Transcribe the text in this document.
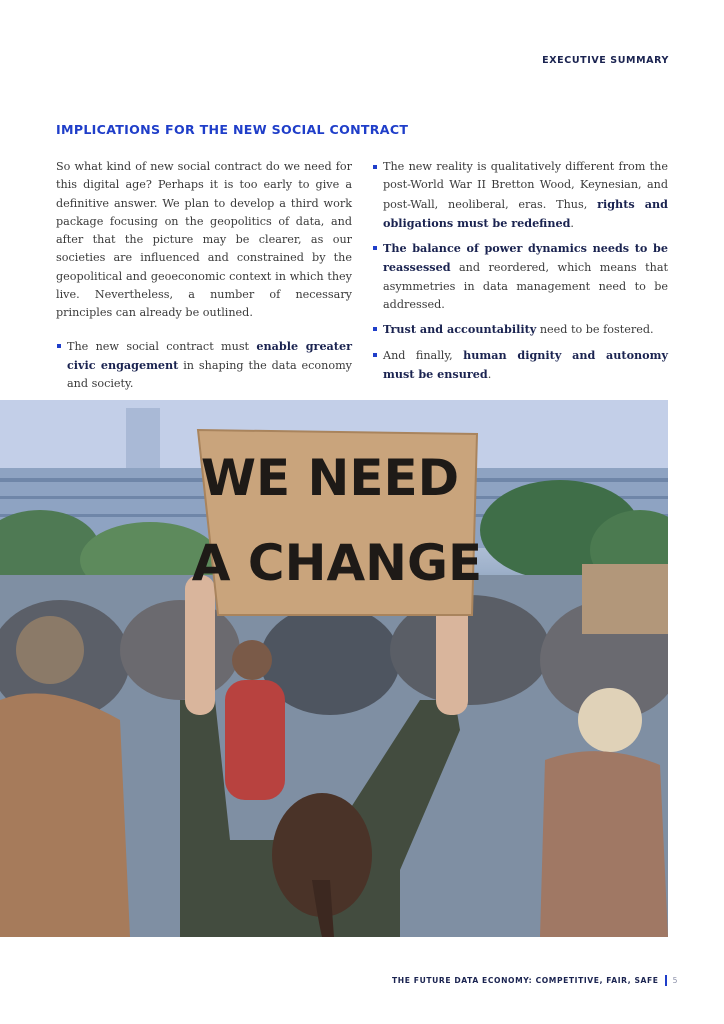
EXECUTIVE SUMMARY
IMPLICATIONS FOR THE NEW SOCIAL CONTRACT

So what kind of new social contract do we need for this digital age? Perhaps it is too early to give a definitive answer. We plan to develop a third work package focusing on the geopolitics of data, and after that the picture may be clearer, as our societies are influenced and constrained by the geopolitical and geoeconomic context in which they live. Nevertheless, a number of necessary principles can already be outlined.

The new social contract must enable greater civic engagement in shaping the data economy and society.
The new reality is qualitatively different from the post-World War II Bretton Wood, Keynesian, and post-Wall, neoliberal, eras. Thus, rights and obligations must be redefined.
The balance of power dynamics needs to be reassessed and reordered, which means that asymmetries in data management need to be addressed.
Trust and accountability need to be fostered.
And finally, human dignity and autonomy must be ensured.
WE NEED
A CHANGE
THE FUTURE DATA ECONOMY: COMPETITIVE, FAIR, SAFE 5
